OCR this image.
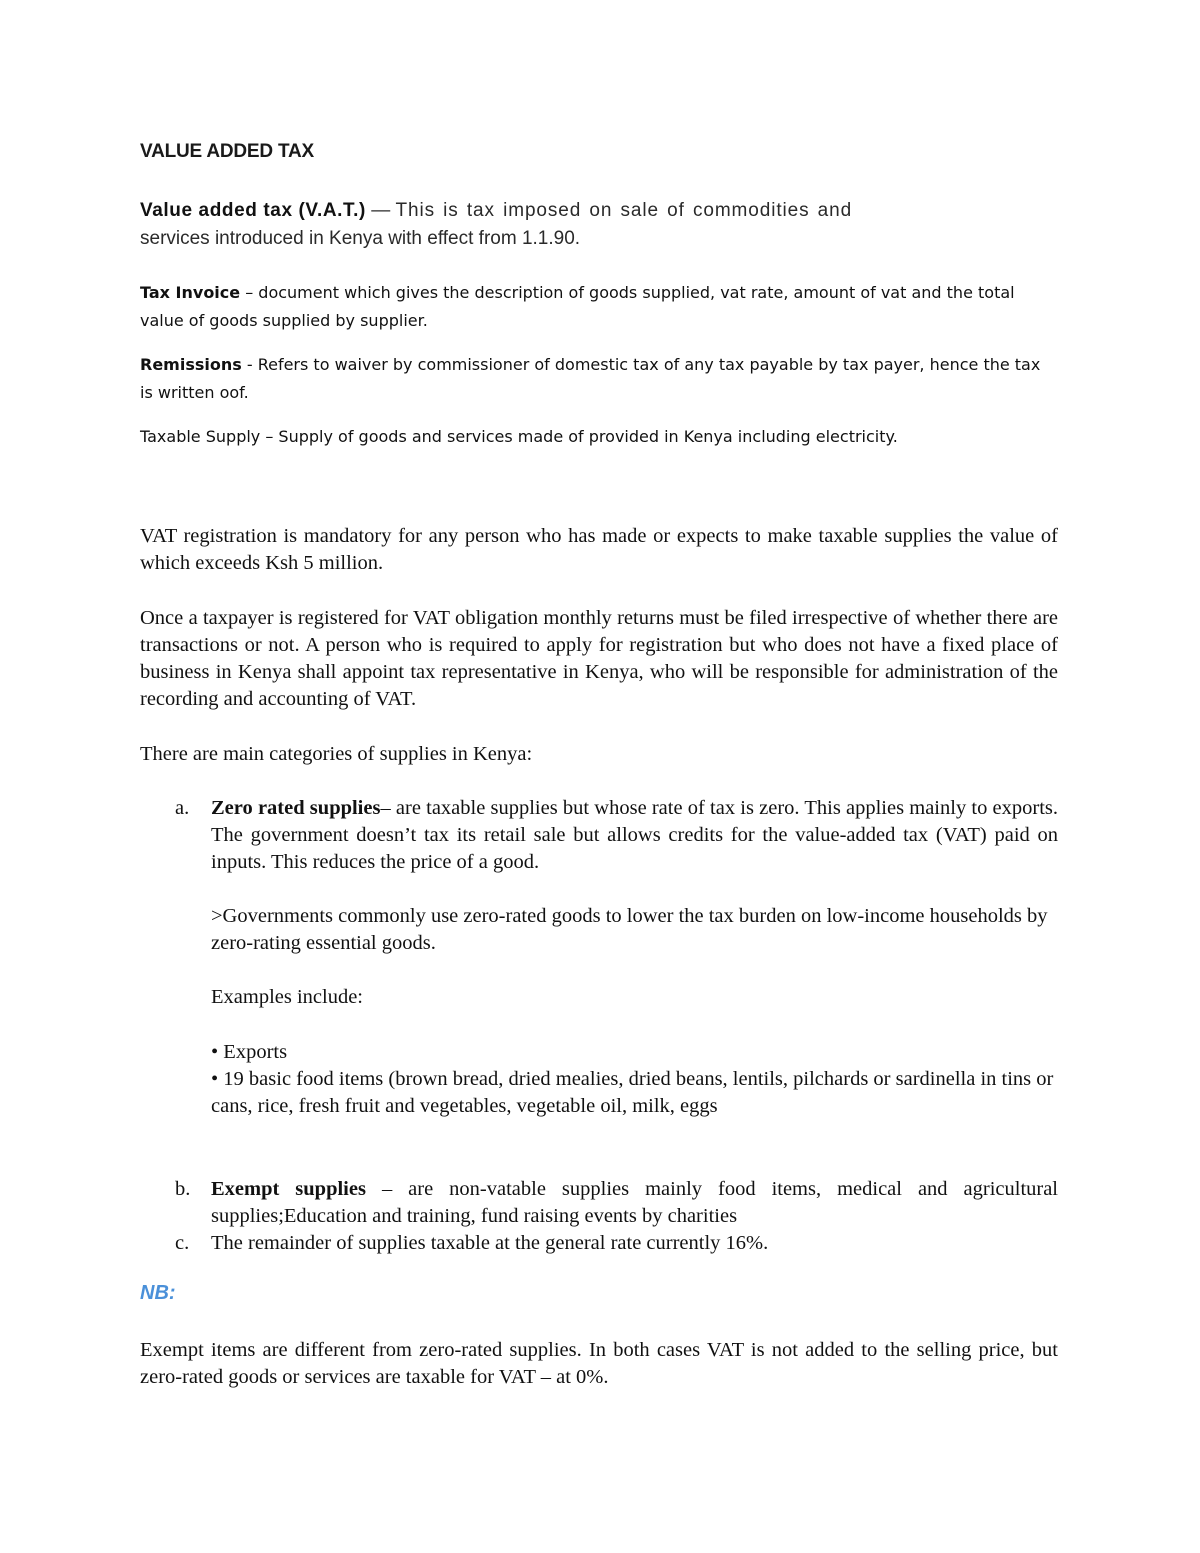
VALUE ADDED TAX
Value added tax (V.A.T.) — This is tax imposed on sale of commodities and
services introduced in Kenya with effect from 1.1.90.

Tax Invoice – document which gives the description of goods supplied, vat rate, amount of vat and the total value of goods supplied by supplier.

Remissions - Refers to waiver by commissioner of domestic tax of any tax payable by tax payer, hence the tax is written oof.

Taxable Supply – Supply of goods and services made of provided in Kenya including electricity.

VAT registration is mandatory for any person who has made or expects to make taxable supplies the value of which exceeds Ksh 5 million.

Once a taxpayer is registered for VAT obligation monthly returns must be filed irrespective of whether there are transactions or not. A person who is required to apply for registration but who does not have a fixed place of business in Kenya shall appoint tax representative in Kenya, who will be responsible for administration of the recording and accounting of VAT.

There are main categories of supplies in Kenya:

a. Zero rated supplies– are taxable supplies but whose rate of tax is zero. This applies mainly to exports. The government doesn’t tax its retail sale but allows credits for the value-added tax (VAT) paid on inputs. This reduces the price of a good.

>Governments commonly use zero-rated goods to lower the tax burden on low-income households by zero-rating essential goods.

Examples include:

• Exports
• 19 basic food items (brown bread, dried mealies, dried beans, lentils, pilchards or sardinella in tins or cans, rice, fresh fruit and vegetables, vegetable oil, milk, eggs
b. Exempt supplies – are non-vatable supplies mainly food items, medical and agricultural supplies;Education and training, fund raising events by charities
c. The remainder of supplies taxable at the general rate currently 16%.
NB:

Exempt items are different from zero-rated supplies. In both cases VAT is not added to the selling price, but zero-rated goods or services are taxable for VAT – at 0%.
